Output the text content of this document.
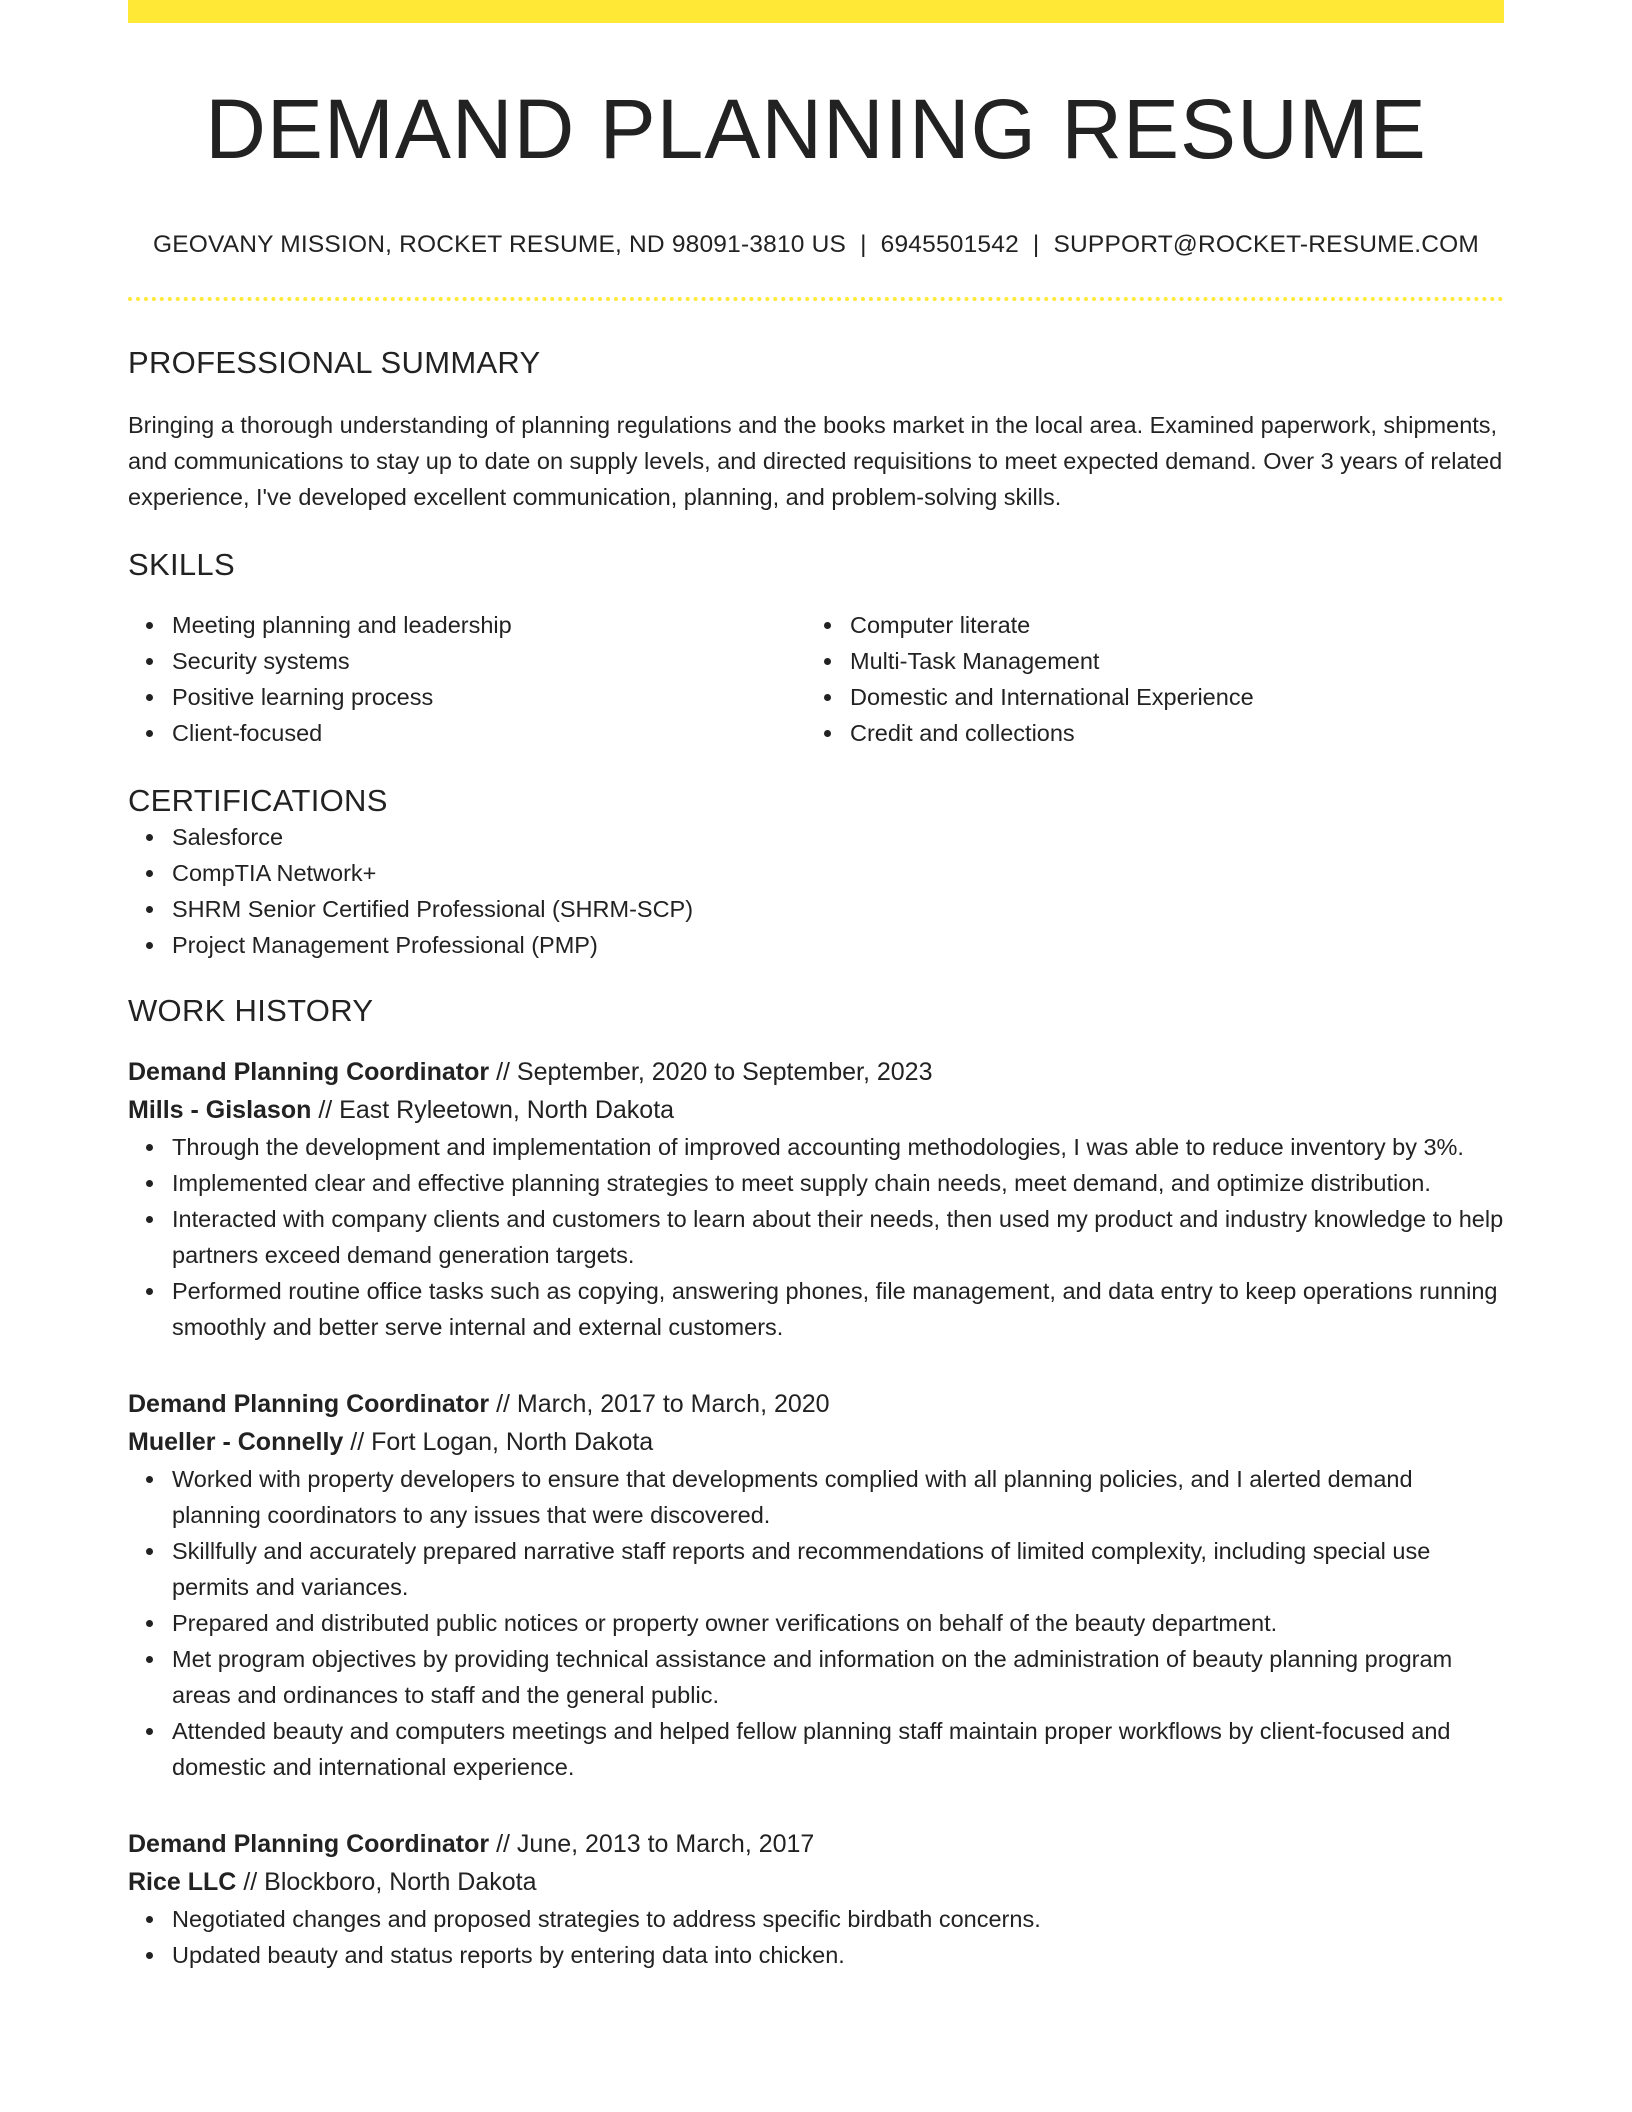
DEMAND PLANNING RESUME
GEOVANY MISSION, ROCKET RESUME, ND 98091-3810 US | 6945501542 | SUPPORT@ROCKET-RESUME.COM
PROFESSIONAL SUMMARY

Bringing a thorough understanding of planning regulations and the books market in the local area. Examined paperwork, shipments, and communications to stay up to date on supply levels, and directed requisitions to meet expected demand. Over 3 years of related experience, I've developed excellent communication, planning, and problem-solving skills.

SKILLS
Meeting planning and leadership
Security systems
Positive learning process
Client-focused
Computer literate
Multi-Task Management
Domestic and International Experience
Credit and collections
CERTIFICATIONS
Salesforce
CompTIA Network+
SHRM Senior Certified Professional (SHRM-SCP)
Project Management Professional (PMP)
WORK HISTORY
Demand Planning Coordinator // September, 2020 to September, 2023
Mills - Gislason // East Ryleetown, North Dakota
Through the development and implementation of improved accounting methodologies, I was able to reduce inventory by 3%.
Implemented clear and effective planning strategies to meet supply chain needs, meet demand, and optimize distribution.
Interacted with company clients and customers to learn about their needs, then used my product and industry knowledge to help partners exceed demand generation targets.
Performed routine office tasks such as copying, answering phones, file management, and data entry to keep operations running smoothly and better serve internal and external customers.
Demand Planning Coordinator // March, 2017 to March, 2020
Mueller - Connelly // Fort Logan, North Dakota
Worked with property developers to ensure that developments complied with all planning policies, and I alerted demand planning coordinators to any issues that were discovered.
Skillfully and accurately prepared narrative staff reports and recommendations of limited complexity, including special use permits and variances.
Prepared and distributed public notices or property owner verifications on behalf of the beauty department.
Met program objectives by providing technical assistance and information on the administration of beauty planning program areas and ordinances to staff and the general public.
Attended beauty and computers meetings and helped fellow planning staff maintain proper workflows by client-focused and domestic and international experience.
Demand Planning Coordinator // June, 2013 to March, 2017
Rice LLC // Blockboro, North Dakota
Negotiated changes and proposed strategies to address specific birdbath concerns.
Updated beauty and status reports by entering data into chicken.
